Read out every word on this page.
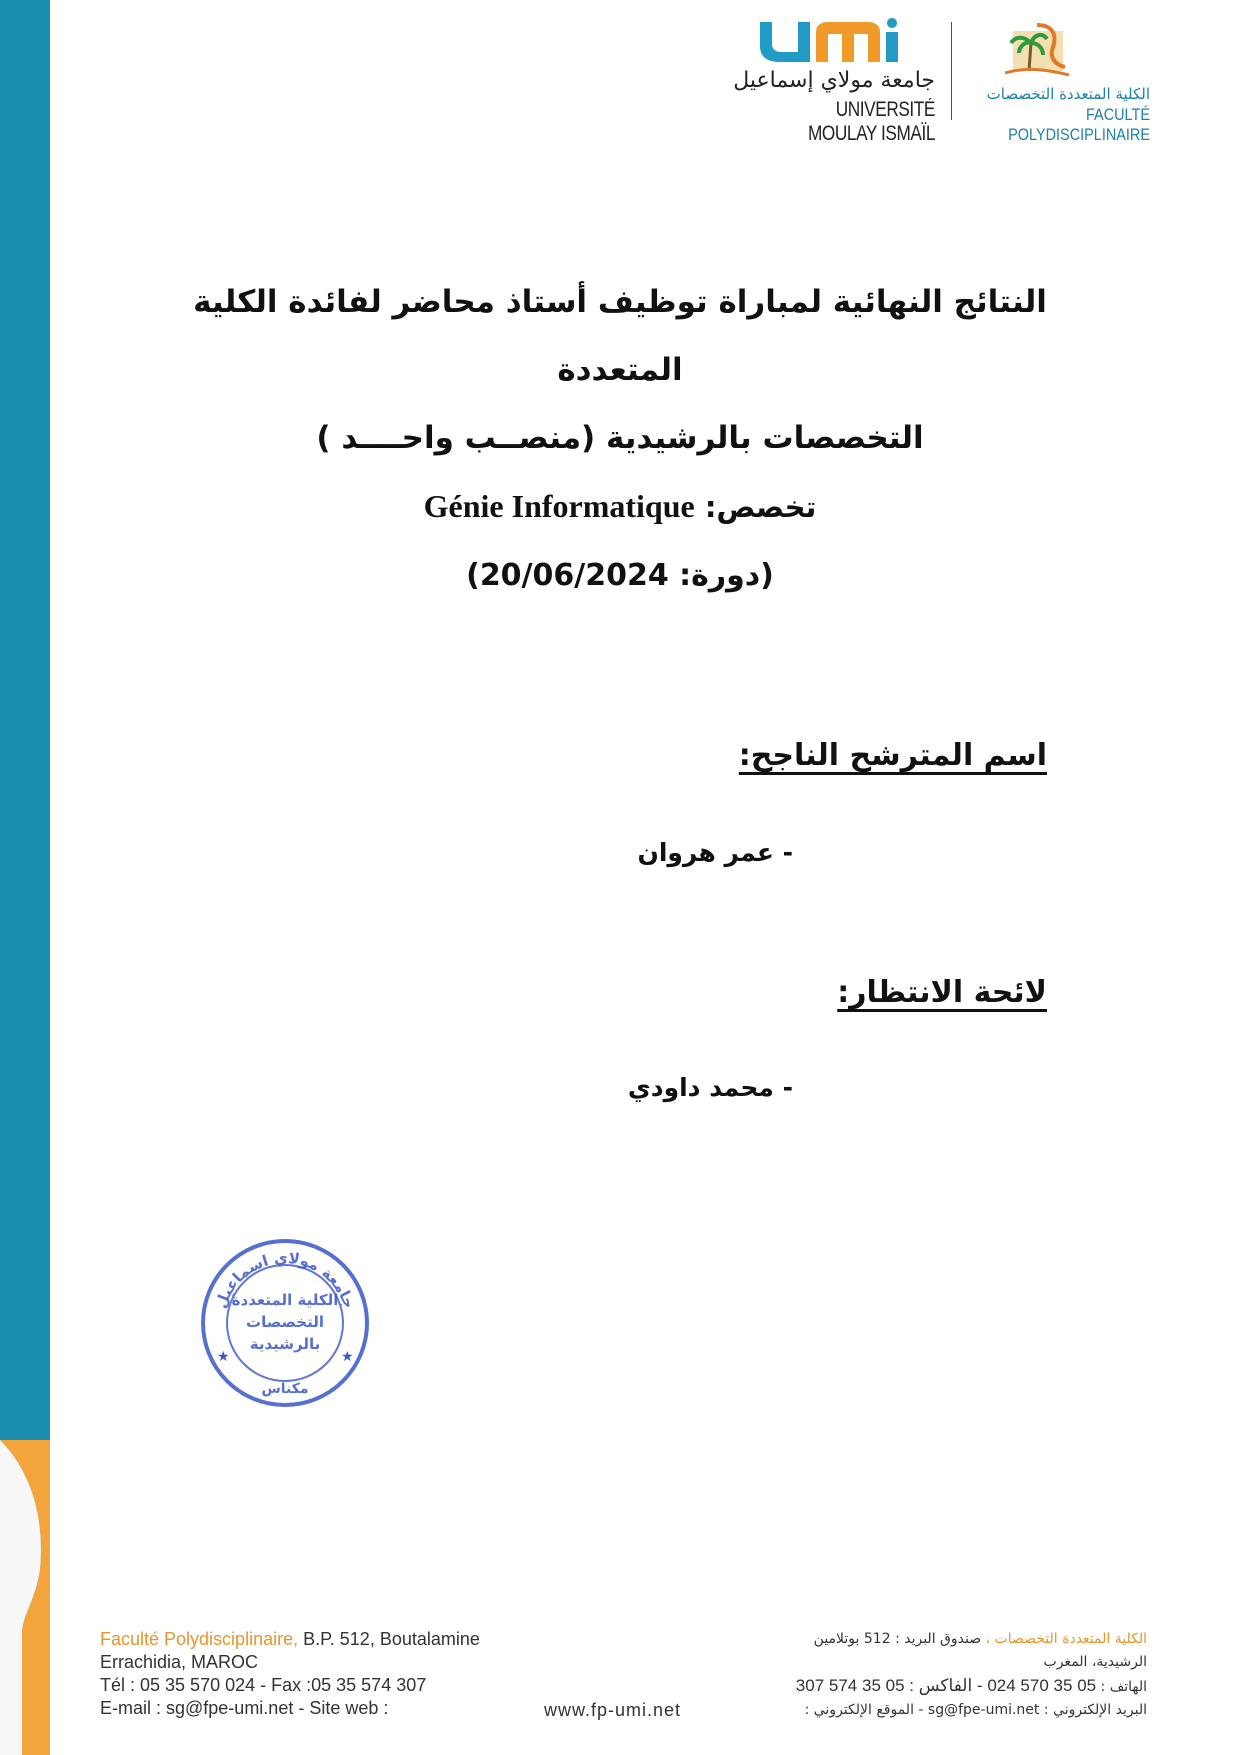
جامعة مولاي إسماعيل
UNIVERSITÉ MOULAY ISMAÏL
الكلية المتعددة التخصصات
FACULTÉ POLYDISCIPLINAIRE
النتائج النهائية لمباراة توظيف أستاذ محاضر لفائدة الكلية المتعددة
التخصصات بالرشيدية (منصــب واحــــد )
تخصص: Génie Informatique
(دورة: 20/06/2024)
اسم المترشح الناجح:
- عمر هروان
لائحة الانتظار:
- محمد داودي
جامعة مولاي اسماعيل
الكلية المتعددة
التخصصات
بالرشيدية
مكناس
★	★
Faculté Polydisciplinaire, B.P. 512, Boutalamine
Errachidia, MAROC
Tél : 05 35 570 024 - Fax :05 35 574 307
E-mail : sg@fpe-umi.net - Site web :	www.fp-umi.net
الكلية المتعددة التخصصات ، صندوق البريد : 512 بوتلامين
الرشيدية، المغرب
الهاتف : 05 35 570 024 - الفاكس : 05 35 574 307
البريد الإلكتروني : sg@fpe-umi.net - الموقع الإلكتروني :
